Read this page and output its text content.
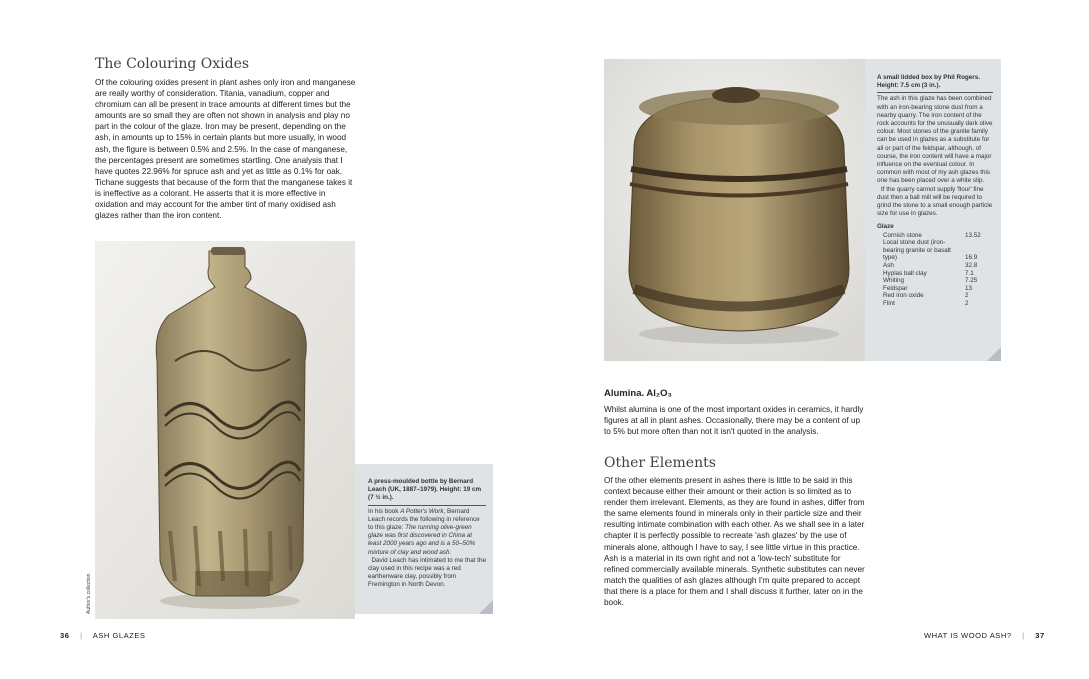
The Colouring Oxides

Of the colouring oxides present in plant ashes only iron and manganese are really worthy of consideration. Titania, vanadium, copper and chromium can all be present in trace amounts at different times but the amounts are so small they are often not shown in analysis and play no part in the colour of the glaze. Iron may be present, depending on the ash, in amounts up to 15% in certain plants but more usually, in wood ash, the figure is between 0.5% and 2.5%. In the case of manganese, the percentages present are sometimes startling. One analysis that I have quotes 22.96% for spruce ash and yet as little as 0.1% for oak. Tichane suggests that because of the form that the manganese takes it is ineffective as a colorant. He asserts that it is more effective in oxidation and may account for the amber tint of many oxidised ash glazes rather than the iron content.

Author's collection

A press-moulded bottle by Bernard Leach (UK, 1887–1979). Height: 19 cm (7 ½ in.).

In his book A Potter's Work, Bernard Leach records the following in reference to this glaze: The running olive-green glaze was first discovered in China at least 2000 years ago and is a 50–50% mixture of clay and wood ash.
David Leach has intimated to me that the clay used in this recipe was a red earthenware clay, possibly from Fremington in North Devon.

36 | ASH GLAZES

A small lidded box by Phil Rogers. Height: 7.5 cm (3 in.).

The ash in this glaze has been combined with an iron-bearing stone dust from a nearby quarry. The iron content of the rock accounts for the unusually dark olive colour. Most stones of the granite family can be used in glazes as a substitute for all or part of the feldspar, although, of course, the iron content will have a major influence on the eventual colour. In common with most of my ash glazes this one has been placed over a white slip.

If the quarry cannot supply 'flour' fine dust then a ball mill will be required to grind the stone to a small enough particle size for use in glazes.

Glaze

Cornish stone	13.52
Local stone dust (iron-bearing granite or basalt type)	16.9
Ash	32.8
Hyplas ball clay	7.1
Whiting	7.25
Feldspar	13
Red iron oxide	2
Flint	2
Alumina. Al₂O₃

Whilst alumina is one of the most important oxides in ceramics, it hardly figures at all in plant ashes. Occasionally, there may be a content of up to 5% but more often than not it isn't quoted in the analysis.

Other Elements

Of the other elements present in ashes there is little to be said in this context because either their amount or their action is so limited as to render them irrelevant. Elements, as they are found in ashes, differ from the same elements found in minerals only in their particle size and their resulting intimate combination with each other. As we shall see in a later chapter it is perfectly possible to recreate 'ash glazes' by the use of minerals alone, although I have to say, I see little virtue in this practice. Ash is a material in its own right and not a 'low-tech' substitute for refined commercially available minerals. Synthetic substitutes can never match the qualities of ash glazes although I'm quite prepared to accept that there is a place for them and I shall discuss it further, later on in the book.

WHAT IS WOOD ASH? | 37
